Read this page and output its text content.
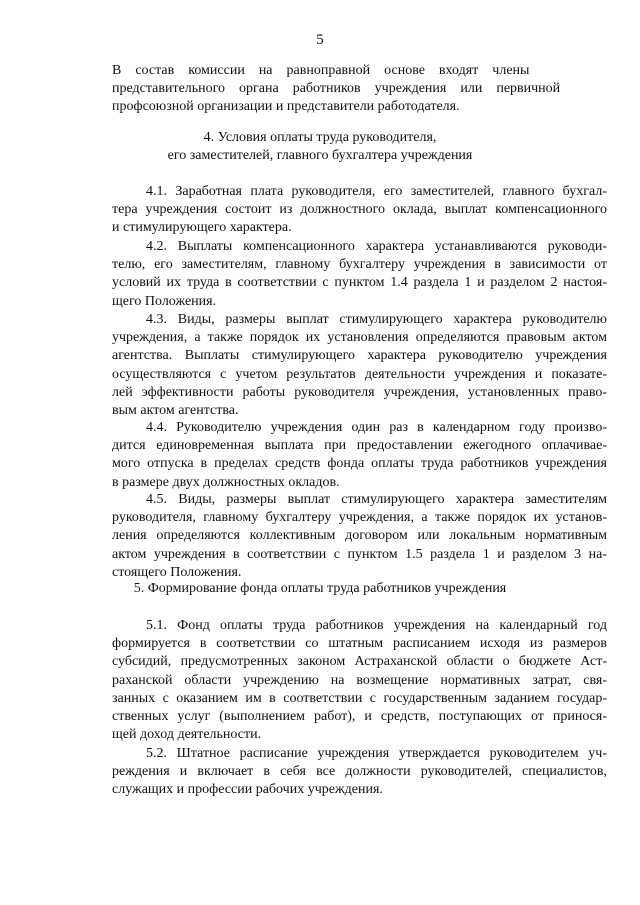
5
В    состав    комиссии    на    равноправной    основе    входят    члены
представительного    органа    работников    учреждения    или    первичной
профсоюзной организации и представители работодателя.
4. Условия оплаты труда руководителя,
его заместителей, главного бухгалтера учреждения
4.1. Заработная плата руководителя, его заместителей, главного бухгал-
тера учреждения состоит из должностного оклада, выплат компенсационного
и стимулирующего характера.
4.2. Выплаты компенсационного характера устанавливаются руководи-
телю, его заместителям, главному бухгалтеру учреждения в зависимости от
условий их труда в соответствии с пунктом 1.4 раздела 1 и разделом 2 настоя-
щего Положения.
4.3. Виды, размеры выплат стимулирующего характера руководителю
учреждения, а также порядок их установления определяются правовым актом
агентства. Выплаты стимулирующего характера руководителю учреждения
осуществляются с учетом результатов деятельности учреждения и показате-
лей эффективности работы руководителя учреждения, установленных право-
вым актом агентства.
4.4. Руководителю учреждения один раз в календарном году произво-
дится единовременная выплата при предоставлении ежегодного оплачивае-
мого отпуска в пределах средств фонда оплаты труда работников учреждения
в размере двух должностных окладов.
4.5. Виды, размеры выплат стимулирующего характера заместителям
руководителя, главному бухгалтеру учреждения, а также порядок их установ-
ления определяются коллективным договором или локальным нормативным
актом учреждения в соответствии с пунктом 1.5 раздела 1 и разделом 3 на-
стоящего Положения.
5. Формирование фонда оплаты труда работников учреждения
5.1. Фонд оплаты труда работников учреждения на календарный год
формируется в соответствии со штатным расписанием исходя из размеров
субсидий, предусмотренных законом Астраханской области о бюджете Аст-
раханской области учреждению на возмещение нормативных затрат, свя-
занных с оказанием им в соответствии с государственным заданием государ-
ственных услуг (выполнением работ), и средств, поступающих от принося-
щей доход деятельности.
5.2. Штатное расписание учреждения утверждается руководителем уч-
реждения и включает в себя все должности руководителей, специалистов,
служащих и профессии рабочих учреждения.
